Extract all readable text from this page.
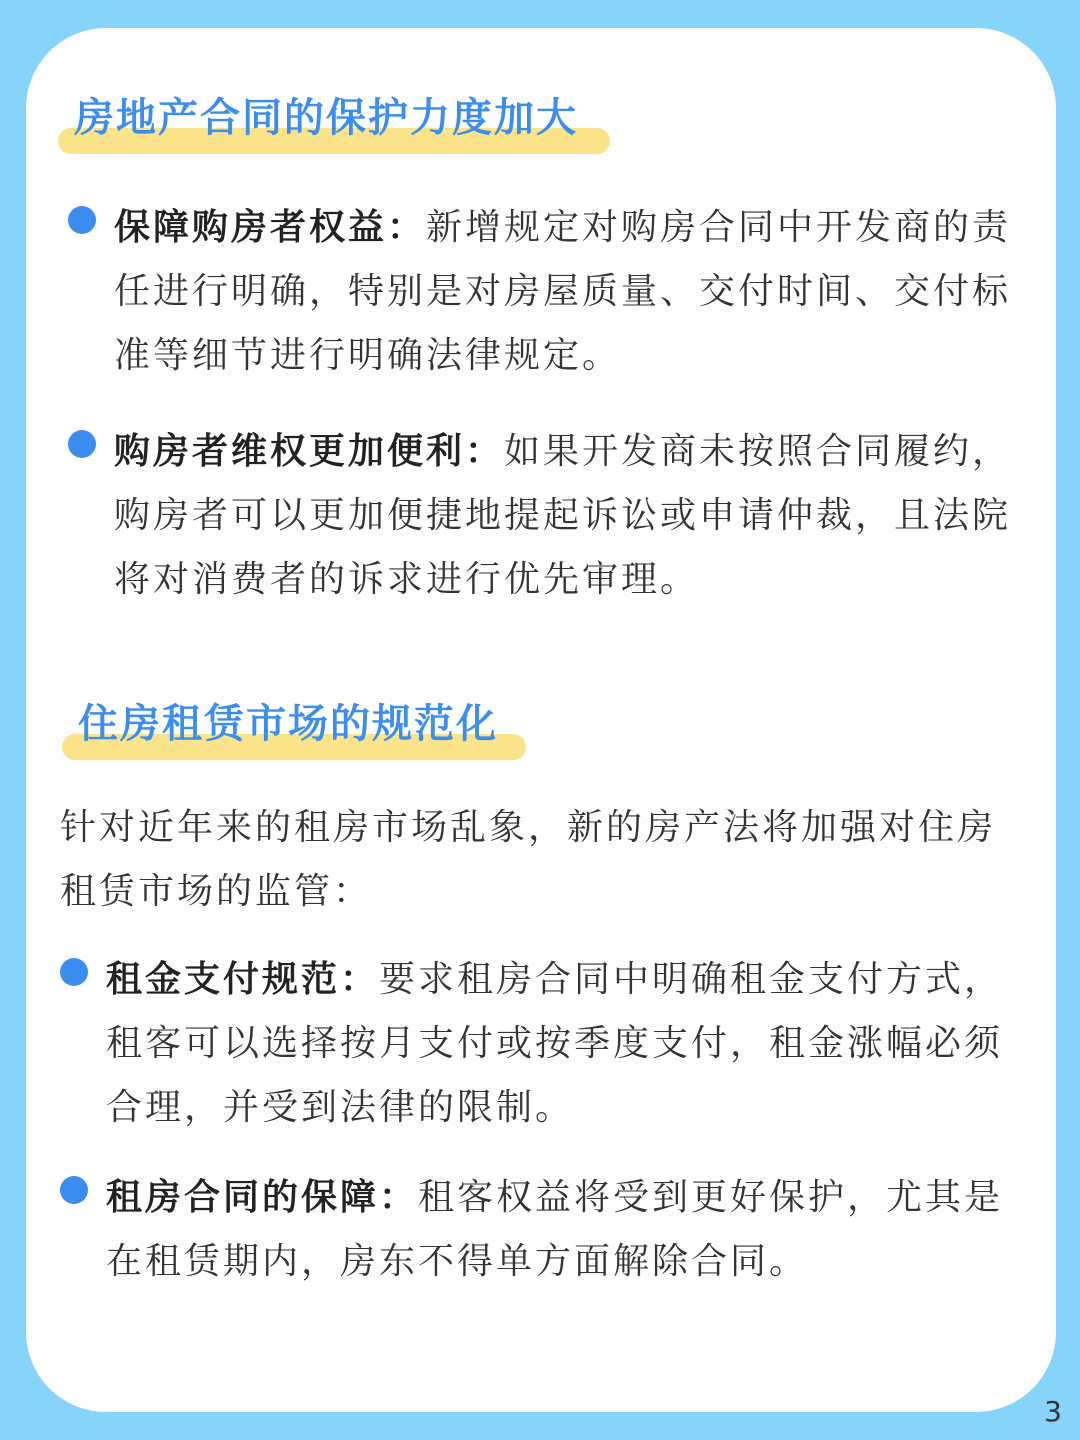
房地产合同的保护力度加大
保障购房者权益：新增规定对购房合同中开发商的责任进行明确，特别是对房屋质量、交付时间、交付标准等细节进行明确法律规定。
购房者维权更加便利：如果开发商未按照合同履约，购房者可以更加便捷地提起诉讼或申请仲裁，且法院将对消费者的诉求进行优先审理。
住房租赁市场的规范化
针对近年来的租房市场乱象，新的房产法将加强对住房租赁市场的监管：
租金支付规范：要求租房合同中明确租金支付方式，租客可以选择按月支付或按季度支付，租金涨幅必须合理，并受到法律的限制。
租房合同的保障：租客权益将受到更好保护，尤其是在租赁期内，房东不得单方面解除合同。
3
